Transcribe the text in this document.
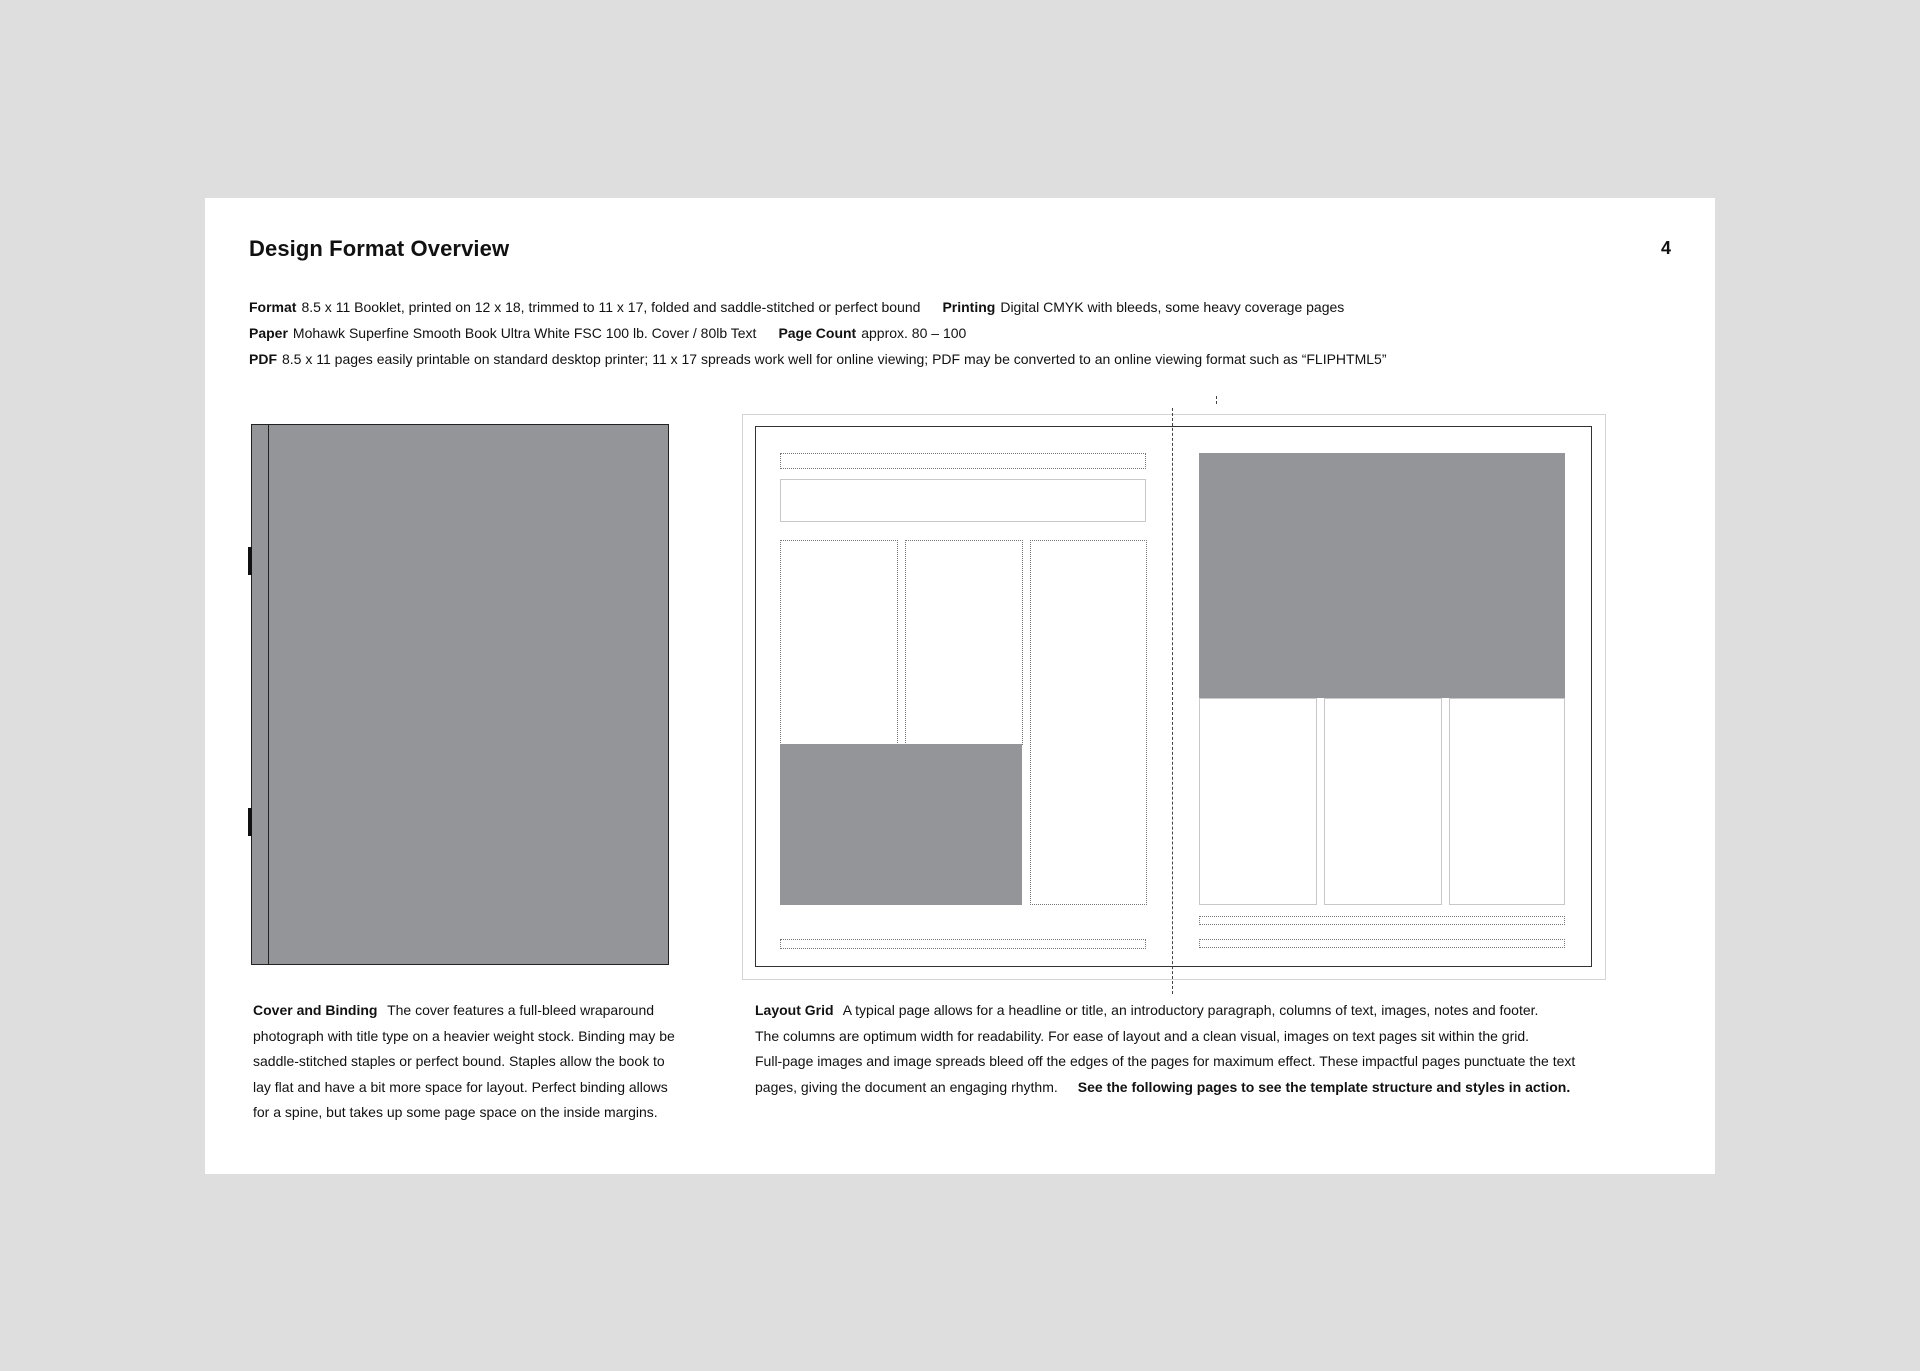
Design Format Overview	4
Format 8.5 x 11 Booklet, printed on 12 x 18, trimmed to 11 x 17, folded and saddle-stitched or perfect bound Printing Digital CMYK with bleeds, some heavy coverage pages
Paper Mohawk Superfine Smooth Book Ultra White FSC 100 lb. Cover / 80lb Text Page Count approx. 80 – 100
PDF 8.5 x 11 pages easily printable on standard desktop printer; 11 x 17 spreads work well for online viewing; PDF may be converted to an online viewing format such as “FLIPHTML5”
Cover and Binding The cover features a full-bleed wraparound
photograph with title type on a heavier weight stock. Binding may be
saddle-stitched staples or perfect bound. Staples allow the book to
lay flat and have a bit more space for layout. Perfect binding allows
for a spine, but takes up some page space on the inside margins.
Layout Grid A typical page allows for a headline or title, an introductory paragraph, columns of text, images, notes and footer.
The columns are optimum width for readability. For ease of layout and a clean visual, images on text pages sit within the grid.
Full-page images and image spreads bleed off the edges of the pages for maximum effect. These impactful pages punctuate the text
pages, giving the document an engaging rhythm. See the following pages to see the template structure and styles in action.
